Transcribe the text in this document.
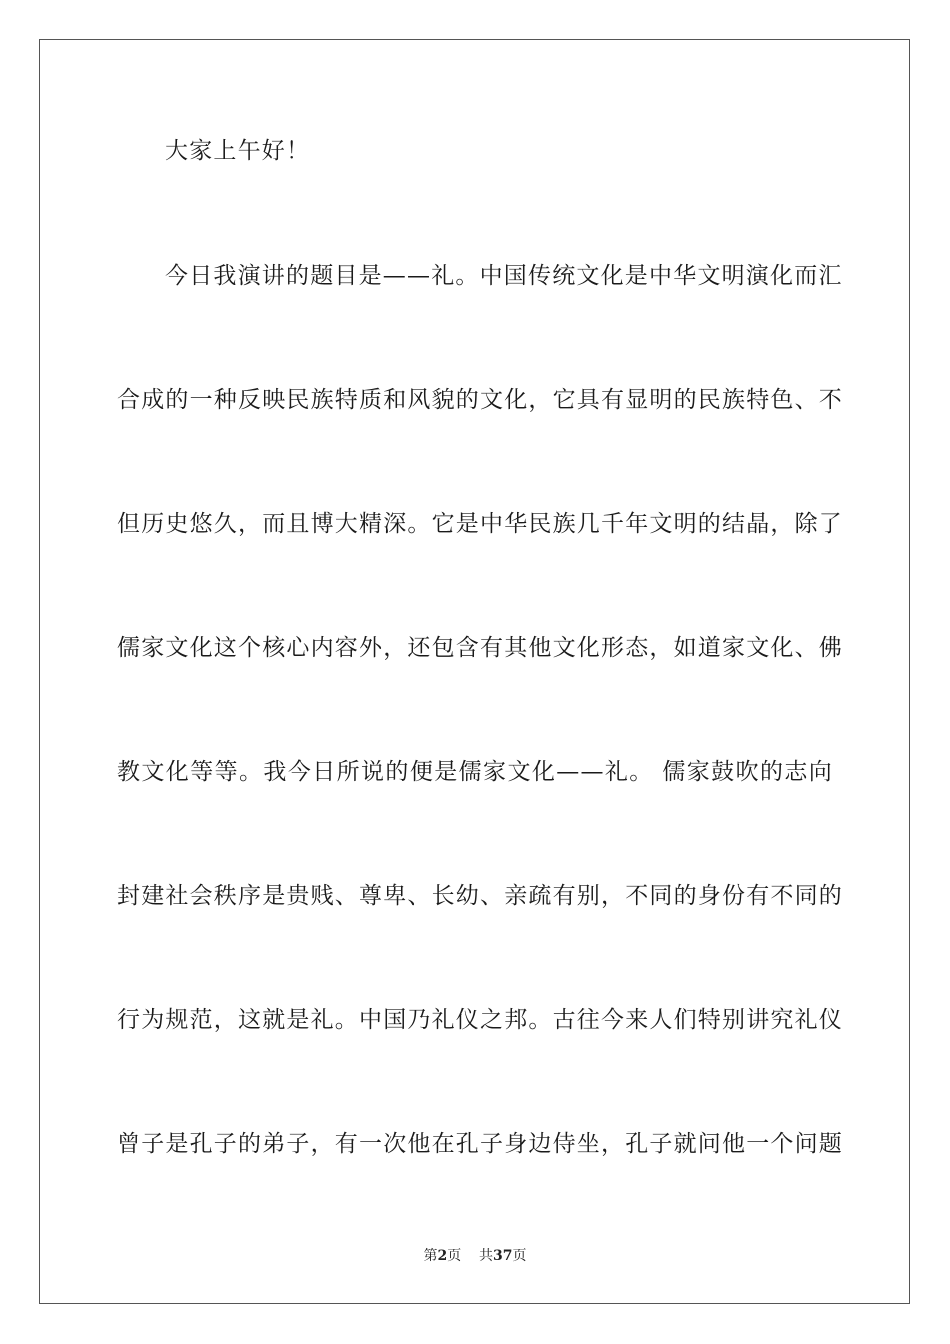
大家上午好！
今日我演讲的题目是——礼。中国传统文化是中华文明演化而汇
合成的一种反映民族特质和风貌的文化，它具有显明的民族特色、不
但历史悠久，而且博大精深。它是中华民族几千年文明的结晶，除了
儒家文化这个核心内容外，还包含有其他文化形态，如道家文化、佛
教文化等等。我今日所说的便是儒家文化——礼。 儒家鼓吹的志向
封建社会秩序是贵贱、尊卑、长幼、亲疏有别，不同的身份有不同的
行为规范，这就是礼。中国乃礼仪之邦。古往今来人们特别讲究礼仪
曾子是孔子的弟子，有一次他在孔子身边侍坐，孔子就问他一个问题
第2页 共37页
